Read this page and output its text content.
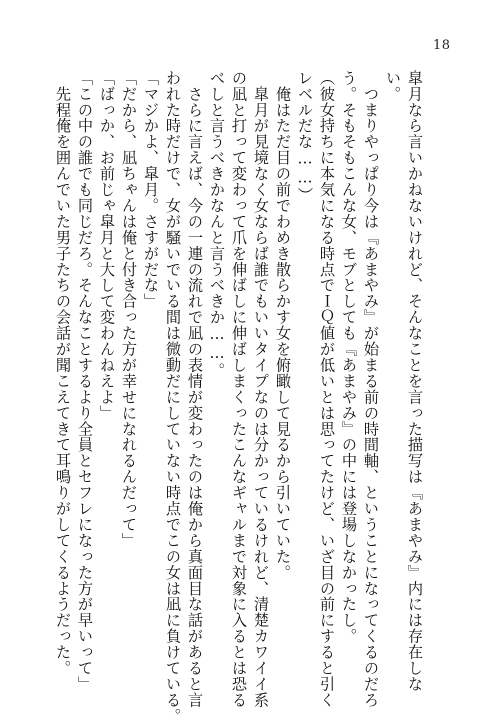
18
皐月なら言いかねないけれど、そんなことを言った描写は『あまやみ』内には存在しな
い。
　つまりやっぱり今は『あまやみ』が始まる前の時間軸、ということになってくるのだろ
う。そもそもこんな女、モブとしても『あまやみ』の中には登場しなかったし。
（彼女持ちに本気になる時点でＩＱ値が低いとは思ってたけど、いざ目の前にすると引く
レベルだな……）
　俺はただ目の前でわめき散らかす女を俯瞰して見るから引いていた。
　皐月が見境なく女ならば誰でもいいタイプなのは分かっているけれど、清楚カワイイ系
の凪と打って変わって爪を伸ばしに伸ばしまくったこんなギャルまで対象に入るとは恐る
べしと言うべきかなんと言うべきか……。
　さらに言えば、今の一連の流れで凪の表情が変わったのは俺から真面目な話があると言
われた時だけで、女が騒いでいる間は微動だにしていない時点でこの女は凪に負けている。
「マジかよ、皐月。さすがだな」
「だから、凪ちゃんは俺と付き合った方が幸せになれるんだって」
「ばっか、お前じゃ皐月と大して変わんねえよ」
「この中の誰でも同じだろ。そんなことするより全員とセフレになった方が早いって」
　先程俺を囲んでいた男子たちの会話が聞こえてきて耳鳴りがしてくるようだった。
